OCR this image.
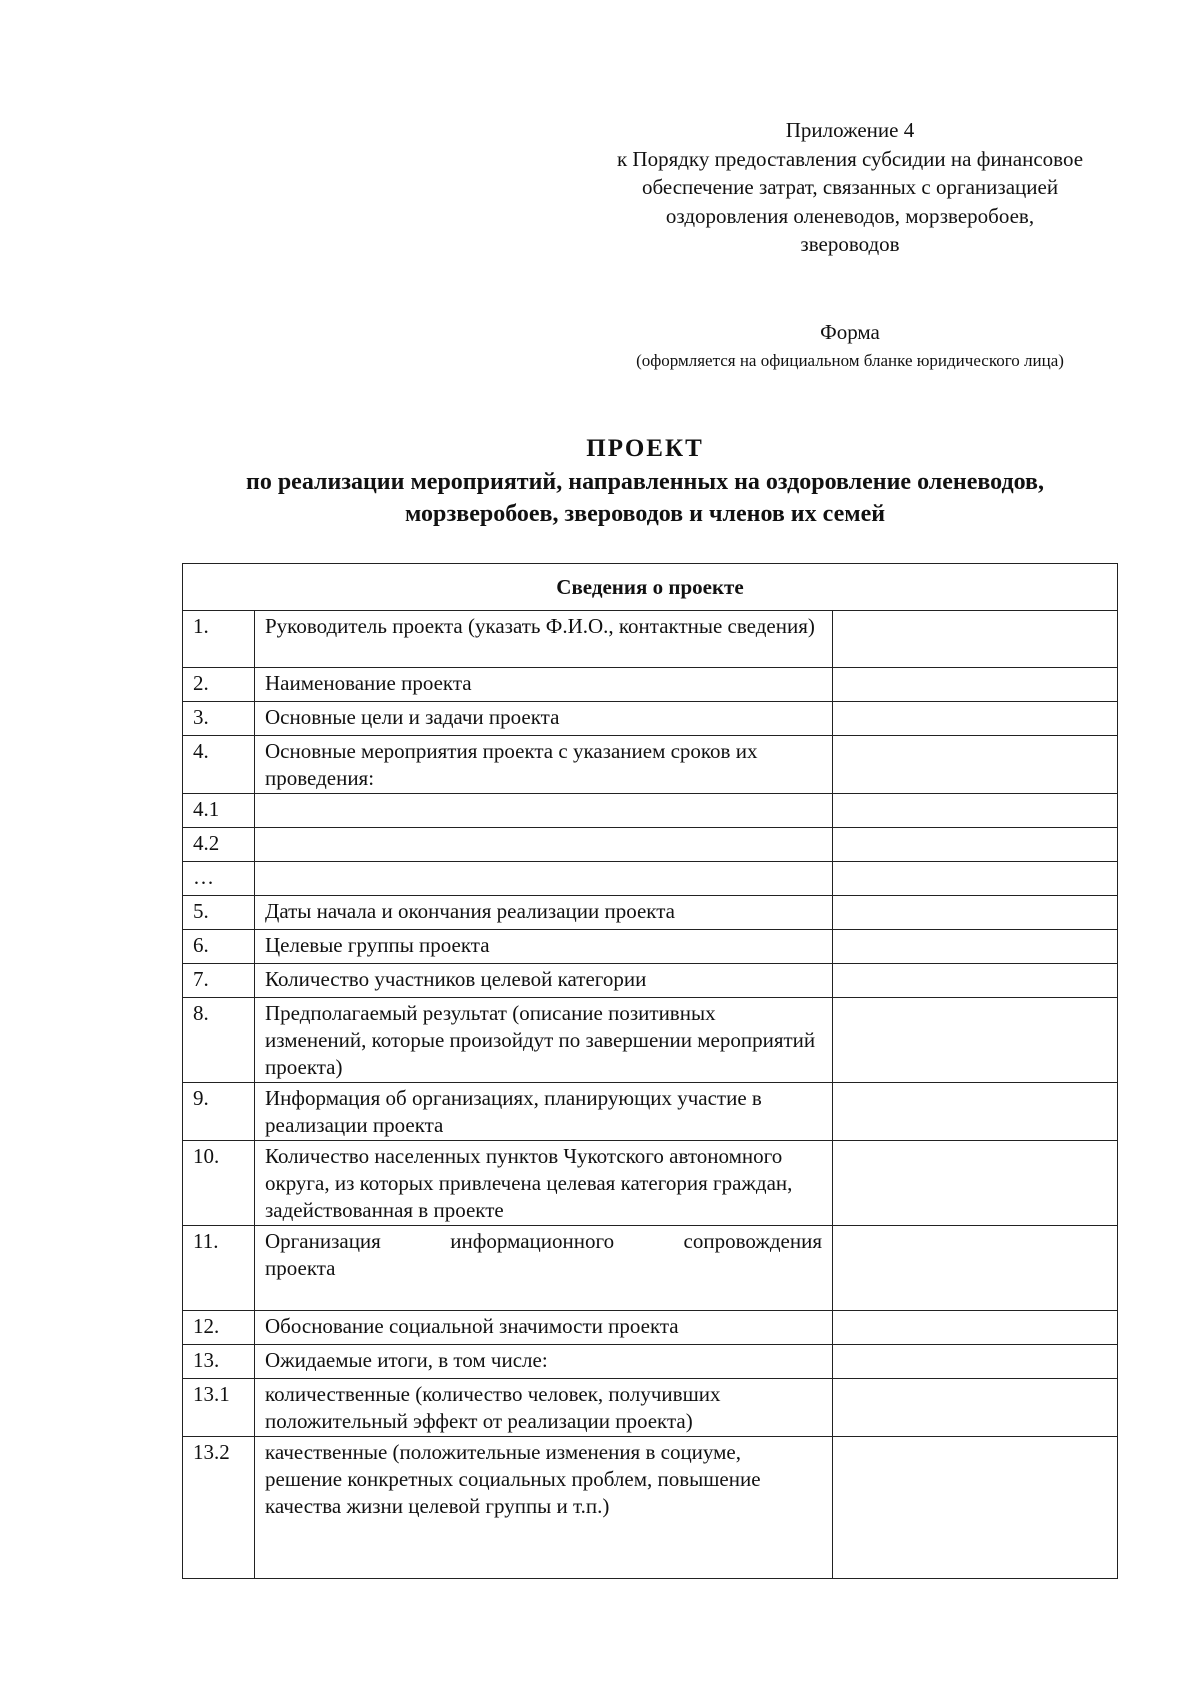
Приложение 4
к Порядку предоставления субсидии на финансовое
обеспечение затрат, связанных с организацией
оздоровления оленеводов, морзверобоев,
звероводов
Форма
(оформляется на официальном бланке юридического лица)
ПРОЕКТ
по реализации мероприятий, направленных на оздоровление оленеводов,
морзверобоев, звероводов и членов их семей
Сведения о проекте		
1.	Руководитель проекта (указать Ф.И.О., контактные сведения)	
2.	Наименование проекта	
3.	Основные цели и задачи проекта	
4.	Основные мероприятия проекта с указанием сроков их проведения:	
4.1		
4.2		
…		
5.	Даты начала и окончания реализации проекта	
6.	Целевые группы проекта	
7.	Количество участников целевой категории	
8.	Предполагаемый результат (описание позитивных изменений, которые произойдут по завершении мероприятий проекта)	
9.	Информация об организациях, планирующих участие в реализации проекта	
10.	Количество населенных пунктов Чукотского автономного округа, из которых привлечена целевая категория граждан, задействованная в проекте	
11.	Организация информационного сопровождения
проекта	
12.	Обоснование социальной значимости проекта	
13.	Ожидаемые итоги, в том числе:	
13.1	количественные (количество человек, получивших положительный эффект от реализации проекта)	
13.2	качественные (положительные изменения в социуме, решение конкретных социальных проблем, повышение качества жизни целевой группы и т.п.)	
